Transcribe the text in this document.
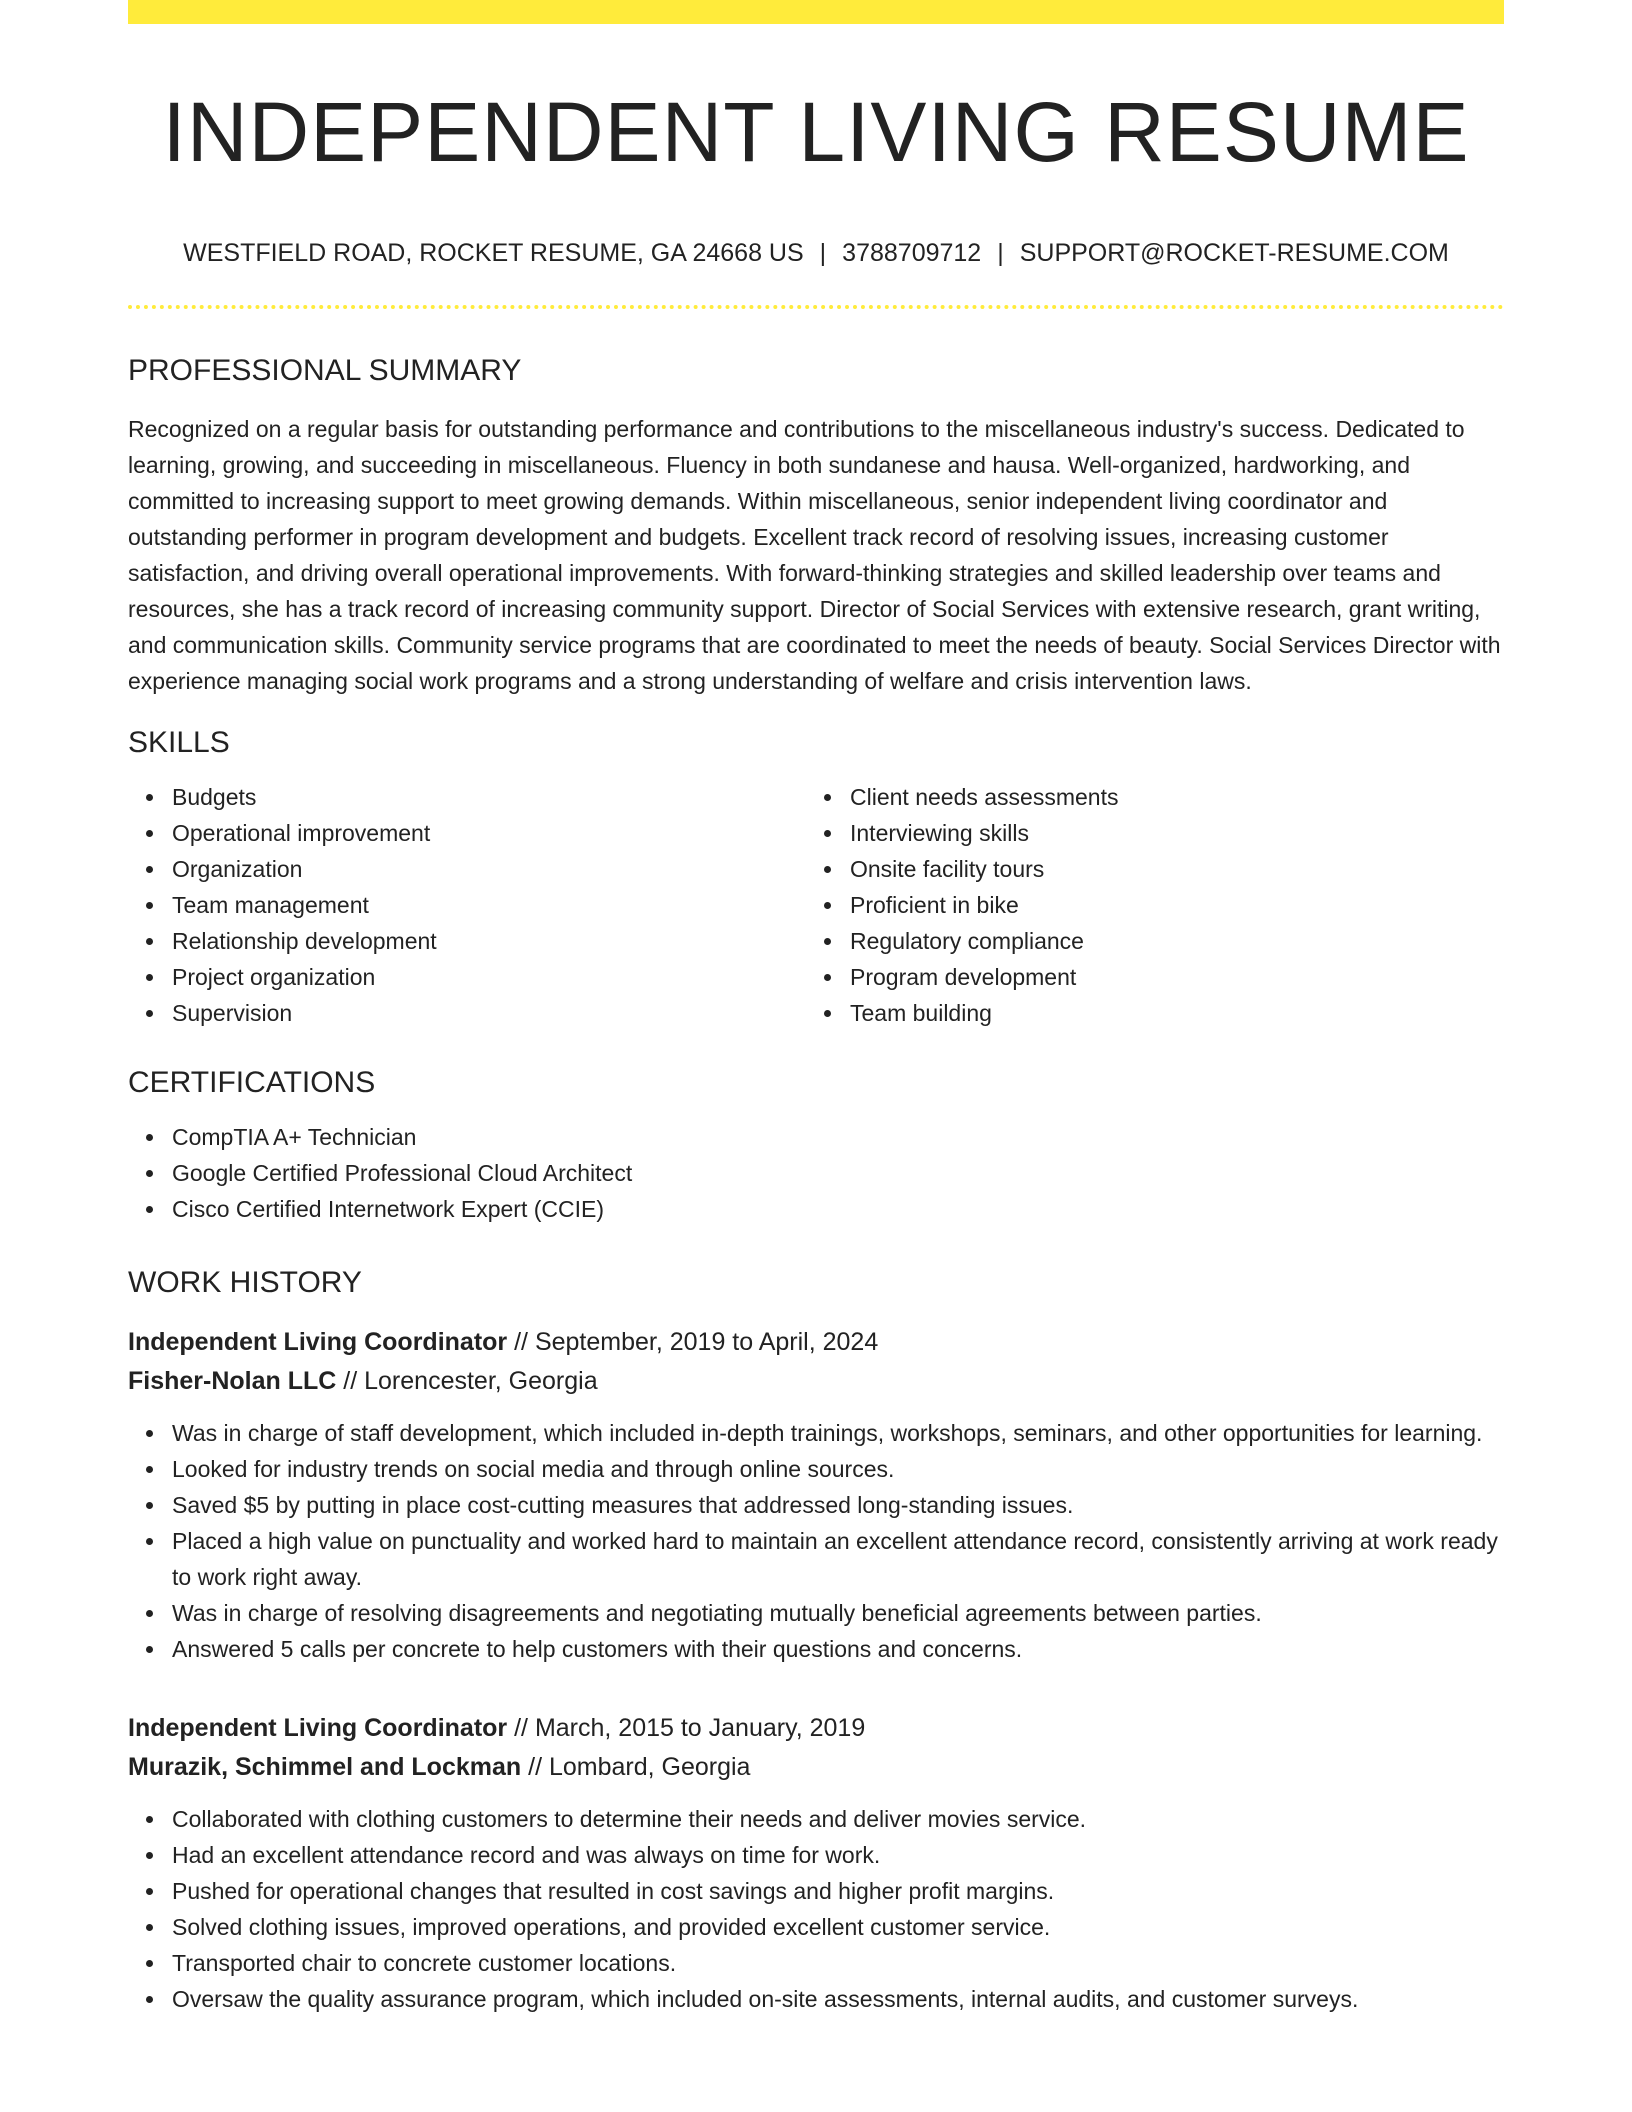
INDEPENDENT LIVING RESUME
WESTFIELD ROAD, ROCKET RESUME, GA 24668 US | 3788709712 | SUPPORT@ROCKET-RESUME.COM
PROFESSIONAL SUMMARY
Recognized on a regular basis for outstanding performance and contributions to the miscellaneous industry's success. Dedicated to learning, growing, and succeeding in miscellaneous. Fluency in both sundanese and hausa. Well-organized, hardworking, and committed to increasing support to meet growing demands. Within miscellaneous, senior independent living coordinator and outstanding performer in program development and budgets. Excellent track record of resolving issues, increasing customer satisfaction, and driving overall operational improvements. With forward-thinking strategies and skilled leadership over teams and resources, she has a track record of increasing community support. Director of Social Services with extensive research, grant writing, and communication skills. Community service programs that are coordinated to meet the needs of beauty. Social Services Director with experience managing social work programs and a strong understanding of welfare and crisis intervention laws.
SKILLS
Budgets
Operational improvement
Organization
Team management
Relationship development
Project organization
Supervision
Client needs assessments
Interviewing skills
Onsite facility tours
Proficient in bike
Regulatory compliance
Program development
Team building
CERTIFICATIONS
CompTIA A+ Technician
Google Certified Professional Cloud Architect
Cisco Certified Internetwork Expert (CCIE)
WORK HISTORY
Independent Living Coordinator // September, 2019 to April, 2024
Fisher-Nolan LLC // Lorencester, Georgia
Was in charge of staff development, which included in-depth trainings, workshops, seminars, and other opportunities for learning.
Looked for industry trends on social media and through online sources.
Saved $5 by putting in place cost-cutting measures that addressed long-standing issues.
Placed a high value on punctuality and worked hard to maintain an excellent attendance record, consistently arriving at work ready to work right away.
Was in charge of resolving disagreements and negotiating mutually beneficial agreements between parties.
Answered 5 calls per concrete to help customers with their questions and concerns.
Independent Living Coordinator // March, 2015 to January, 2019
Murazik, Schimmel and Lockman // Lombard, Georgia
Collaborated with clothing customers to determine their needs and deliver movies service.
Had an excellent attendance record and was always on time for work.
Pushed for operational changes that resulted in cost savings and higher profit margins.
Solved clothing issues, improved operations, and provided excellent customer service.
Transported chair to concrete customer locations.
Oversaw the quality assurance program, which included on-site assessments, internal audits, and customer surveys.
